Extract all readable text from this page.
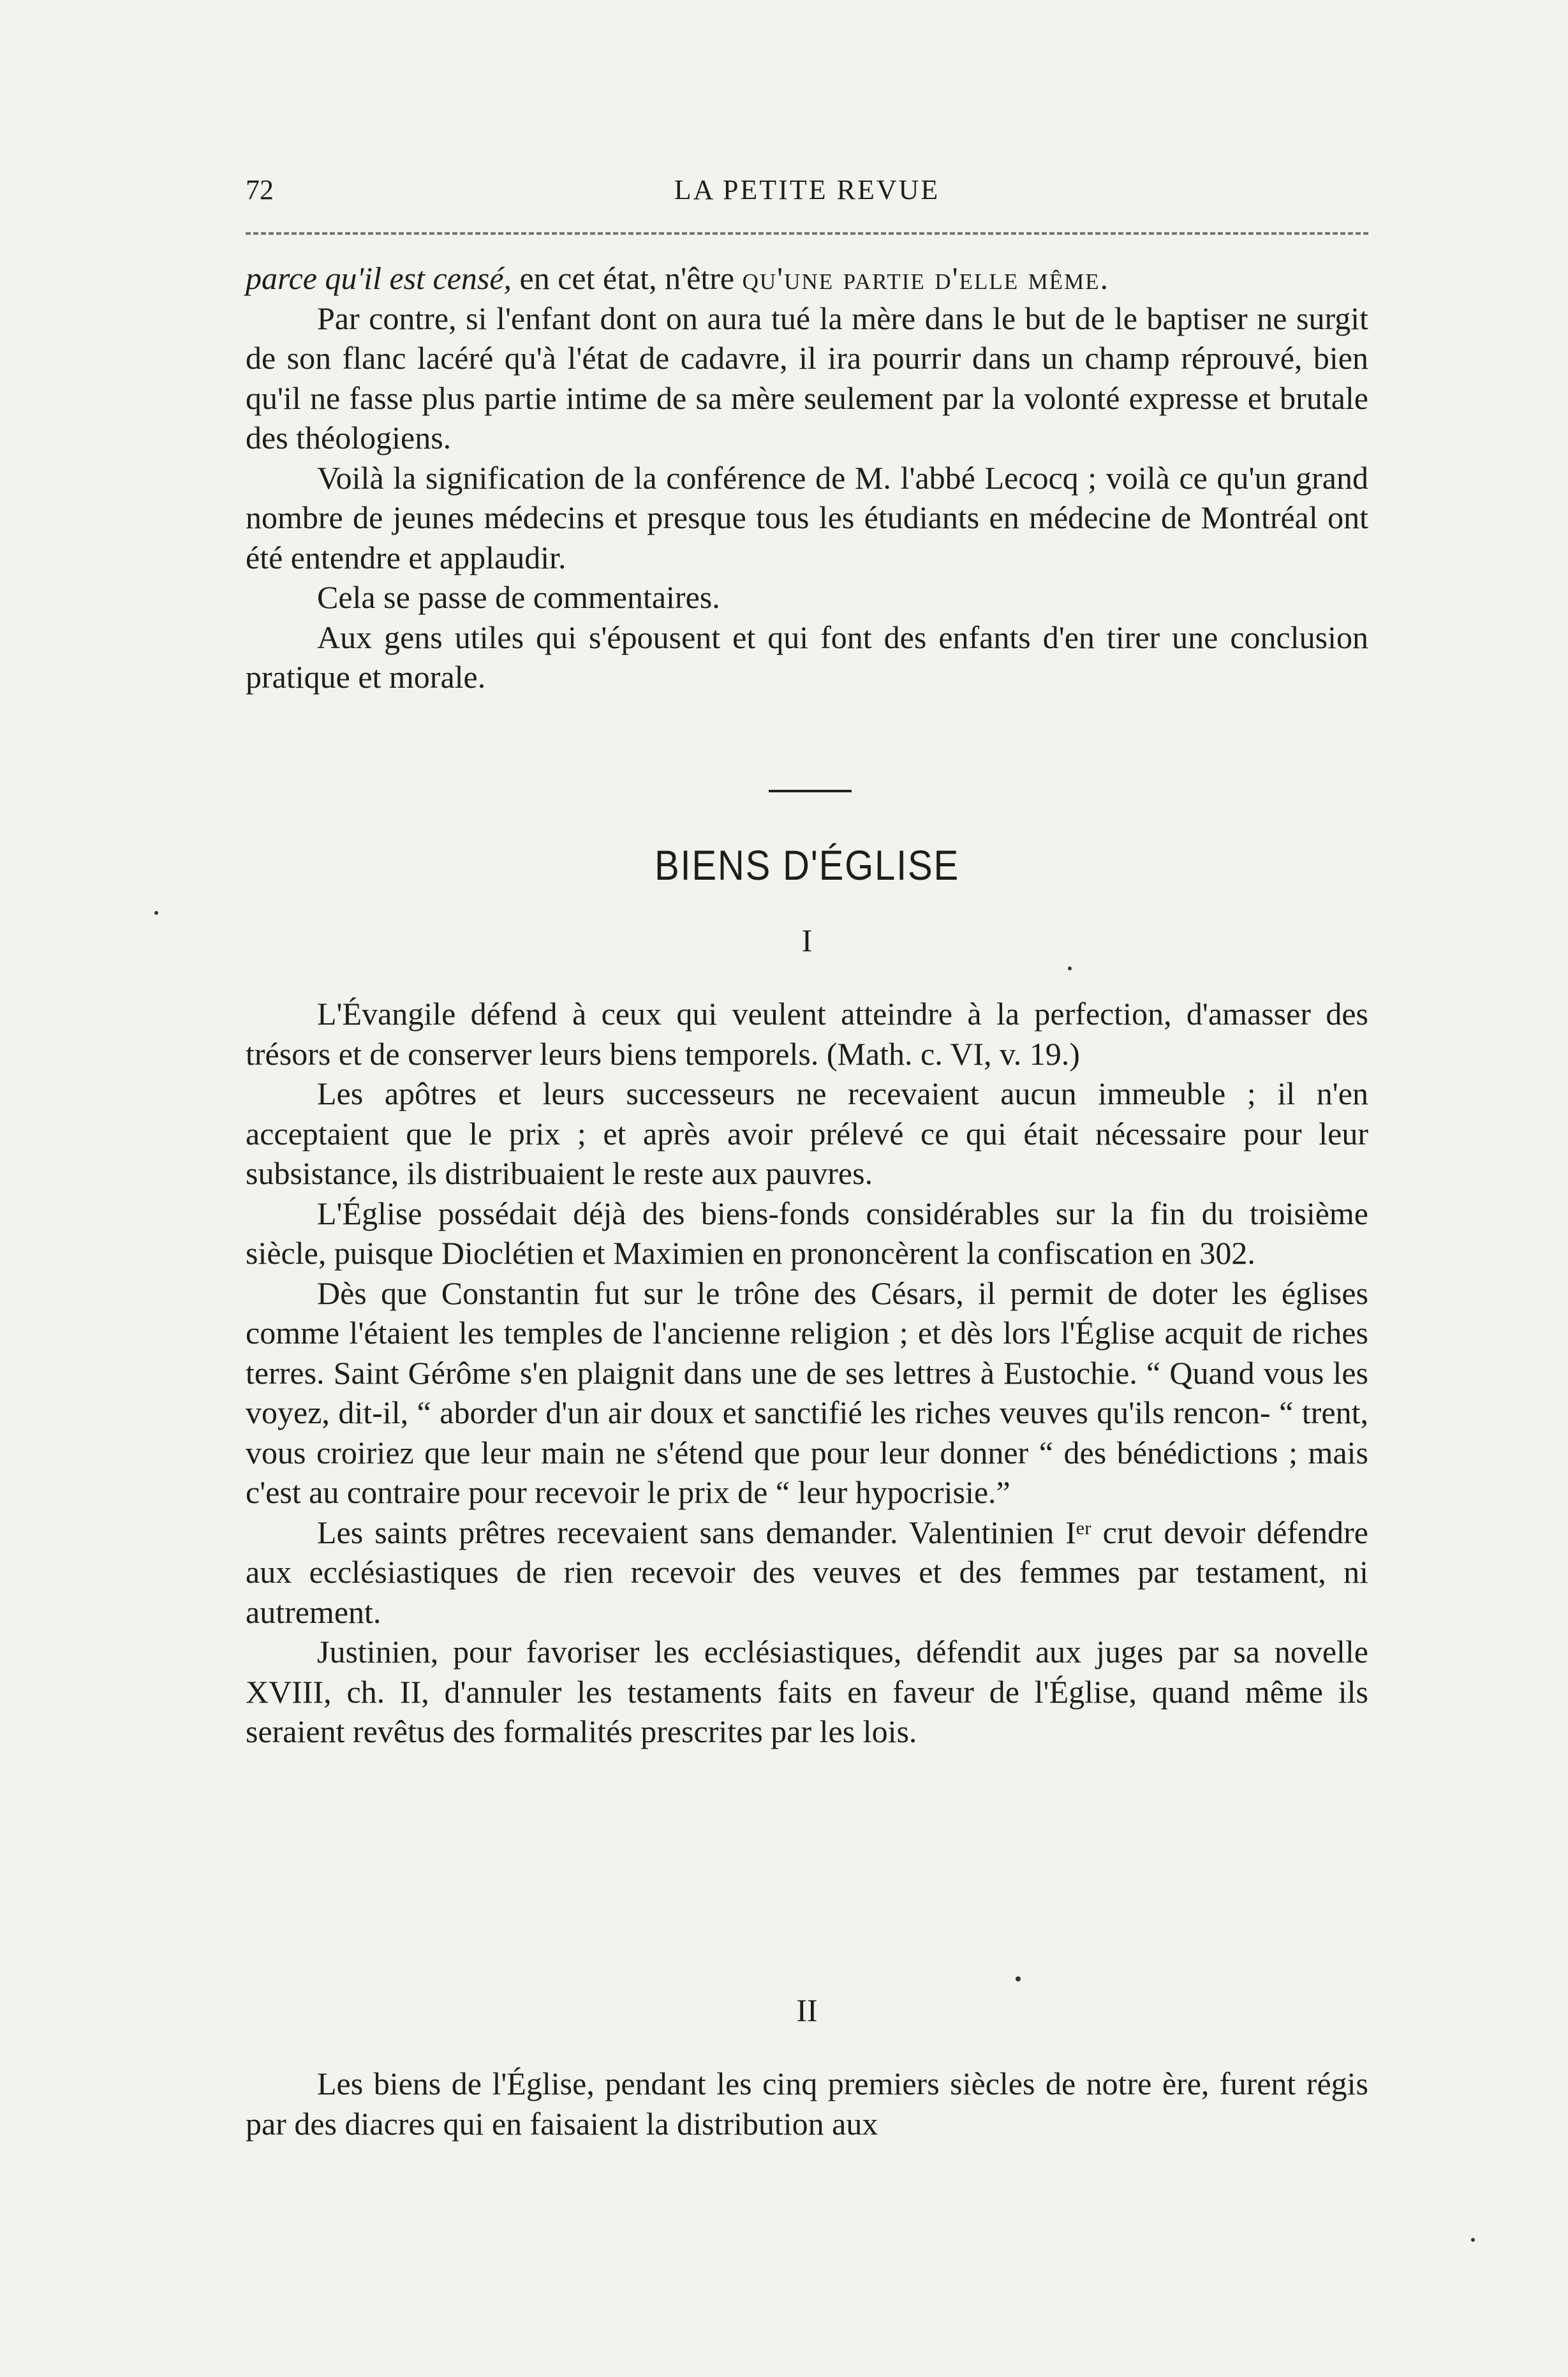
72	LA PETITE REVUE

parce qu'il est censé, en cet état, n'être qu'une partie d'elle même.

Par contre, si l'enfant dont on aura tué la mère dans le but de le baptiser ne surgit de son flanc lacéré qu'à l'état de cadavre, il ira pourrir dans un champ réprouvé, bien qu'il ne fasse plus partie intime de sa mère seulement par la volonté expresse et brutale des théologiens.

Voilà la signification de la conférence de M. l'abbé Lecocq ; voilà ce qu'un grand nombre de jeunes médecins et presque tous les étudiants en médecine de Montréal ont été entendre et applaudir.

Cela se passe de commentaires.

Aux gens utiles qui s'épousent et qui font des enfants d'en tirer une conclusion pratique et morale.

BIENS D'ÉGLISE
I

L'Évangile défend à ceux qui veulent atteindre à la perfection, d'amasser des trésors et de conserver leurs biens temporels. (Math. c. VI, v. 19.)

Les apôtres et leurs successeurs ne recevaient aucun immeuble ; il n'en acceptaient que le prix ; et après avoir prélevé ce qui était nécessaire pour leur subsistance, ils distribuaient le reste aux pauvres.

L'Église possédait déjà des biens-fonds considérables sur la fin du troisième siècle, puisque Dioclétien et Maximien en prononcèrent la confiscation en 302.

Dès que Constantin fut sur le trône des Césars, il permit de doter les églises comme l'étaient les temples de l'ancienne religion ; et dès lors l'Église acquit de riches terres. Saint Gérôme s'en plaignit dans une de ses lettres à Eustochie. “ Quand vous les voyez, dit-il, “ aborder d'un air doux et sanctifié les riches veuves qu'ils rencon- “ trent, vous croiriez que leur main ne s'étend que pour leur donner “ des bénédictions ; mais c'est au contraire pour recevoir le prix de “ leur hypocrisie.”

Les saints prêtres recevaient sans demander. Valentinien Iᵉʳ crut devoir défendre aux ecclésiastiques de rien recevoir des veuves et des femmes par testament, ni autrement.

Justinien, pour favoriser les ecclésiastiques, défendit aux juges par sa novelle XVIII, ch. II, d'annuler les testaments faits en faveur de l'Église, quand même ils seraient revêtus des formalités prescrites par les lois.

II

Les biens de l'Église, pendant les cinq premiers siècles de notre ère, furent régis par des diacres qui en faisaient la distribution aux
